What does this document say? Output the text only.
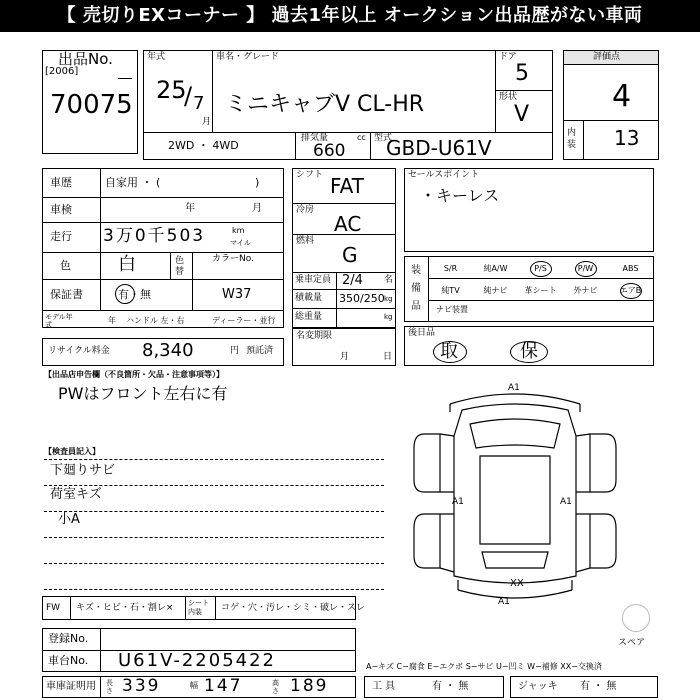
【 売切りEXコーナー 】 過去1年以上 オークション出品歴がない車両
出品No.
[2006]
70075
年式
25
/ 7
月
車名・グレード
ミニキャブV CL-HR
ドア
5
形状
V
2WD ・ 4WD
排気量	cc
660
型式
GBD-U61V
評価点
4
内装 13
車歴	自家用 ・ (	)
車検	年	月
走行 3万0千503	km
マイル
色	白	色替
カラーNo.
W37
保証書	有・無
モデル年式	年 ハンドル 左・右	ディーラー・並行
シフト FAT
冷房
AC
燃料
G
乗車定員 2/4 名
積載量 350/250 kg
総重量	kg
名変期限
月	日
セールスポイント
・キーレス
装備品
S/R	純A/W	P/S	P/W	ABS
純TV	純ナビ	革シート	外ナビ	エアB
ナビ装置
リサイクル料金 8,340	円 預託済
後日品
取	保
【出品店申告欄（不良箇所・欠品・注意事項等）】
PWはフロント左右に有
【検査員記入】
下廻りサビ
荷室キズ
小A
A1
A1	A1
XX
A1
スペア
FW キズ・ヒビ・石・割レ× シート内装	コゲ・穴・汚レ・シミ・破レ・スレ
登録No.
車台No. U61V-2205422	A−キズ C−腐食 E−エクボ S−サビ U−凹ミ W−補修 XX−交換済
車庫証明用 長さ 339	幅 147	高さ 189	工 具	有 ・ 無	ジャッキ 有 ・ 無
